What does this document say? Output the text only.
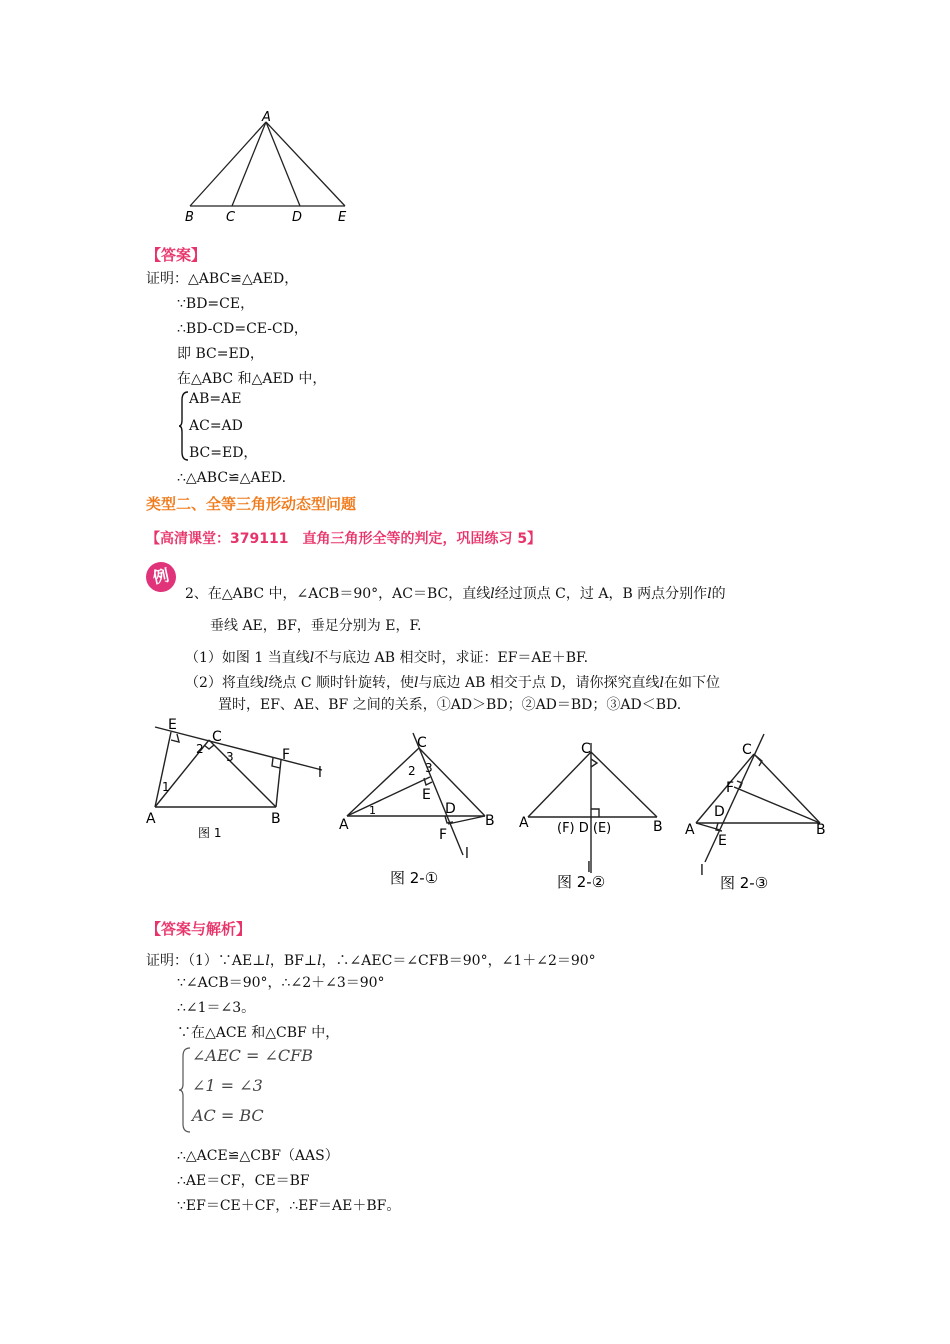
A
B C	D	E
【答案】
证明：△ABC≌△AED，
∵BD=CE，
∴BD-CD=CE-CD，
即 BC=ED，
在△ABC 和△AED 中，
AB=AE
AC=AD
BC=ED，
∴△ABC≌△AED.
类型二、全等三角形动态型问题
【高清课堂：379111　直角三角形全等的判定，巩固练习 5】
例
2、在△ABC 中，∠ACB＝90°，AC＝BC，直线l经过顶点 C，过 A，B 两点分别作l的
垂线 AE，BF，垂足分别为 E，F.
（1）如图 1 当直线l不与底边 AB 相交时，求证：EF＝AE＋BF.
（2）将直线l绕点 C 顺时针旋转，使l与底边 AB 相交于点 D，请你探究直线l在如下位
置时，EF、AE、BF 之间的关系，①AD＞BD；②AD＝BD；③AD＜BD.
E
C
F
l
2
3
1
A	B
图 1
C
2 3
E
1	D
A	B
F
l
图 2-①
C
A (F) D (E)	B
l
图 2-②
C
F
D
A
E
B
l
图 2-③
【答案与解析】
证明：（1）∵AE⊥l，BF⊥l，∴∠AEC＝∠CFB＝90°，∠1＋∠2＝90°
∵∠ACB＝90°，∴∠2＋∠3＝90°
∴∠1＝∠3。
∵在△ACE 和△CBF 中，
∠AEC = ∠CFB
∠1 = ∠3
AC = BC
∴△ACE≌△CBF（AAS）
∴AE＝CF，CE＝BF
∵EF＝CE＋CF，∴EF＝AE＋BF。
